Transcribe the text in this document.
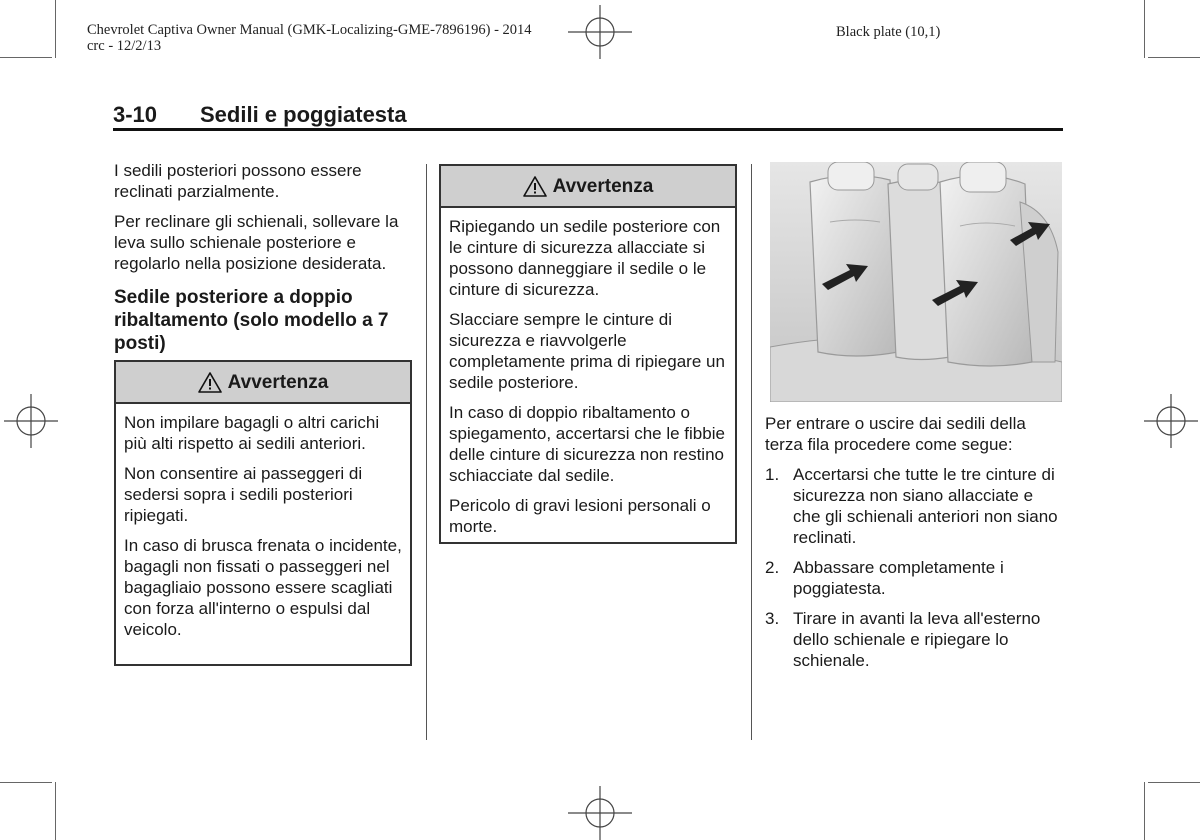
Chevrolet Captiva Owner Manual (GMK-Localizing-GME-7896196) - 2014
crc - 12/2/13
Black plate (10,1)
3-10 Sedili e poggiatesta

I sedili posteriori possono essere reclinati parzialmente.

Per reclinare gli schienali, sollevare la leva sullo schienale posteriore e regolarlo nella posizione desiderata.

Sedile posteriore a doppio ribaltamento (solo modello a 7 posti)
Avvertenza

Non impilare bagagli o altri carichi più alti rispetto ai sedili anteriori.

Non consentire ai passeggeri di sedersi sopra i sedili posteriori ripiegati.

In caso di brusca frenata o incidente, bagagli non fissati o passeggeri nel bagagliaio possono essere scagliati con forza all'interno o espulsi dal veicolo.

Avvertenza

Ripiegando un sedile posteriore con le cinture di sicurezza allacciate si possono danneggiare il sedile o le cinture di sicurezza.

Slacciare sempre le cinture di sicurezza e riavvolgerle completamente prima di ripiegare un sedile posteriore.

In caso di doppio ribaltamento o spiegamento, accertarsi che le fibbie delle cinture di sicurezza non restino schiacciate dal sedile.

Pericolo di gravi lesioni personali o morte.

Per entrare o uscire dai sedili della terza fila procedere come segue:

1. Accertarsi che tutte le tre cinture di sicurezza non siano allacciate e che gli schienali anteriori non siano reclinati.
2. Abbassare completamente i poggiatesta.
3. Tirare in avanti la leva all'esterno dello schienale e ripiegare lo schienale.
